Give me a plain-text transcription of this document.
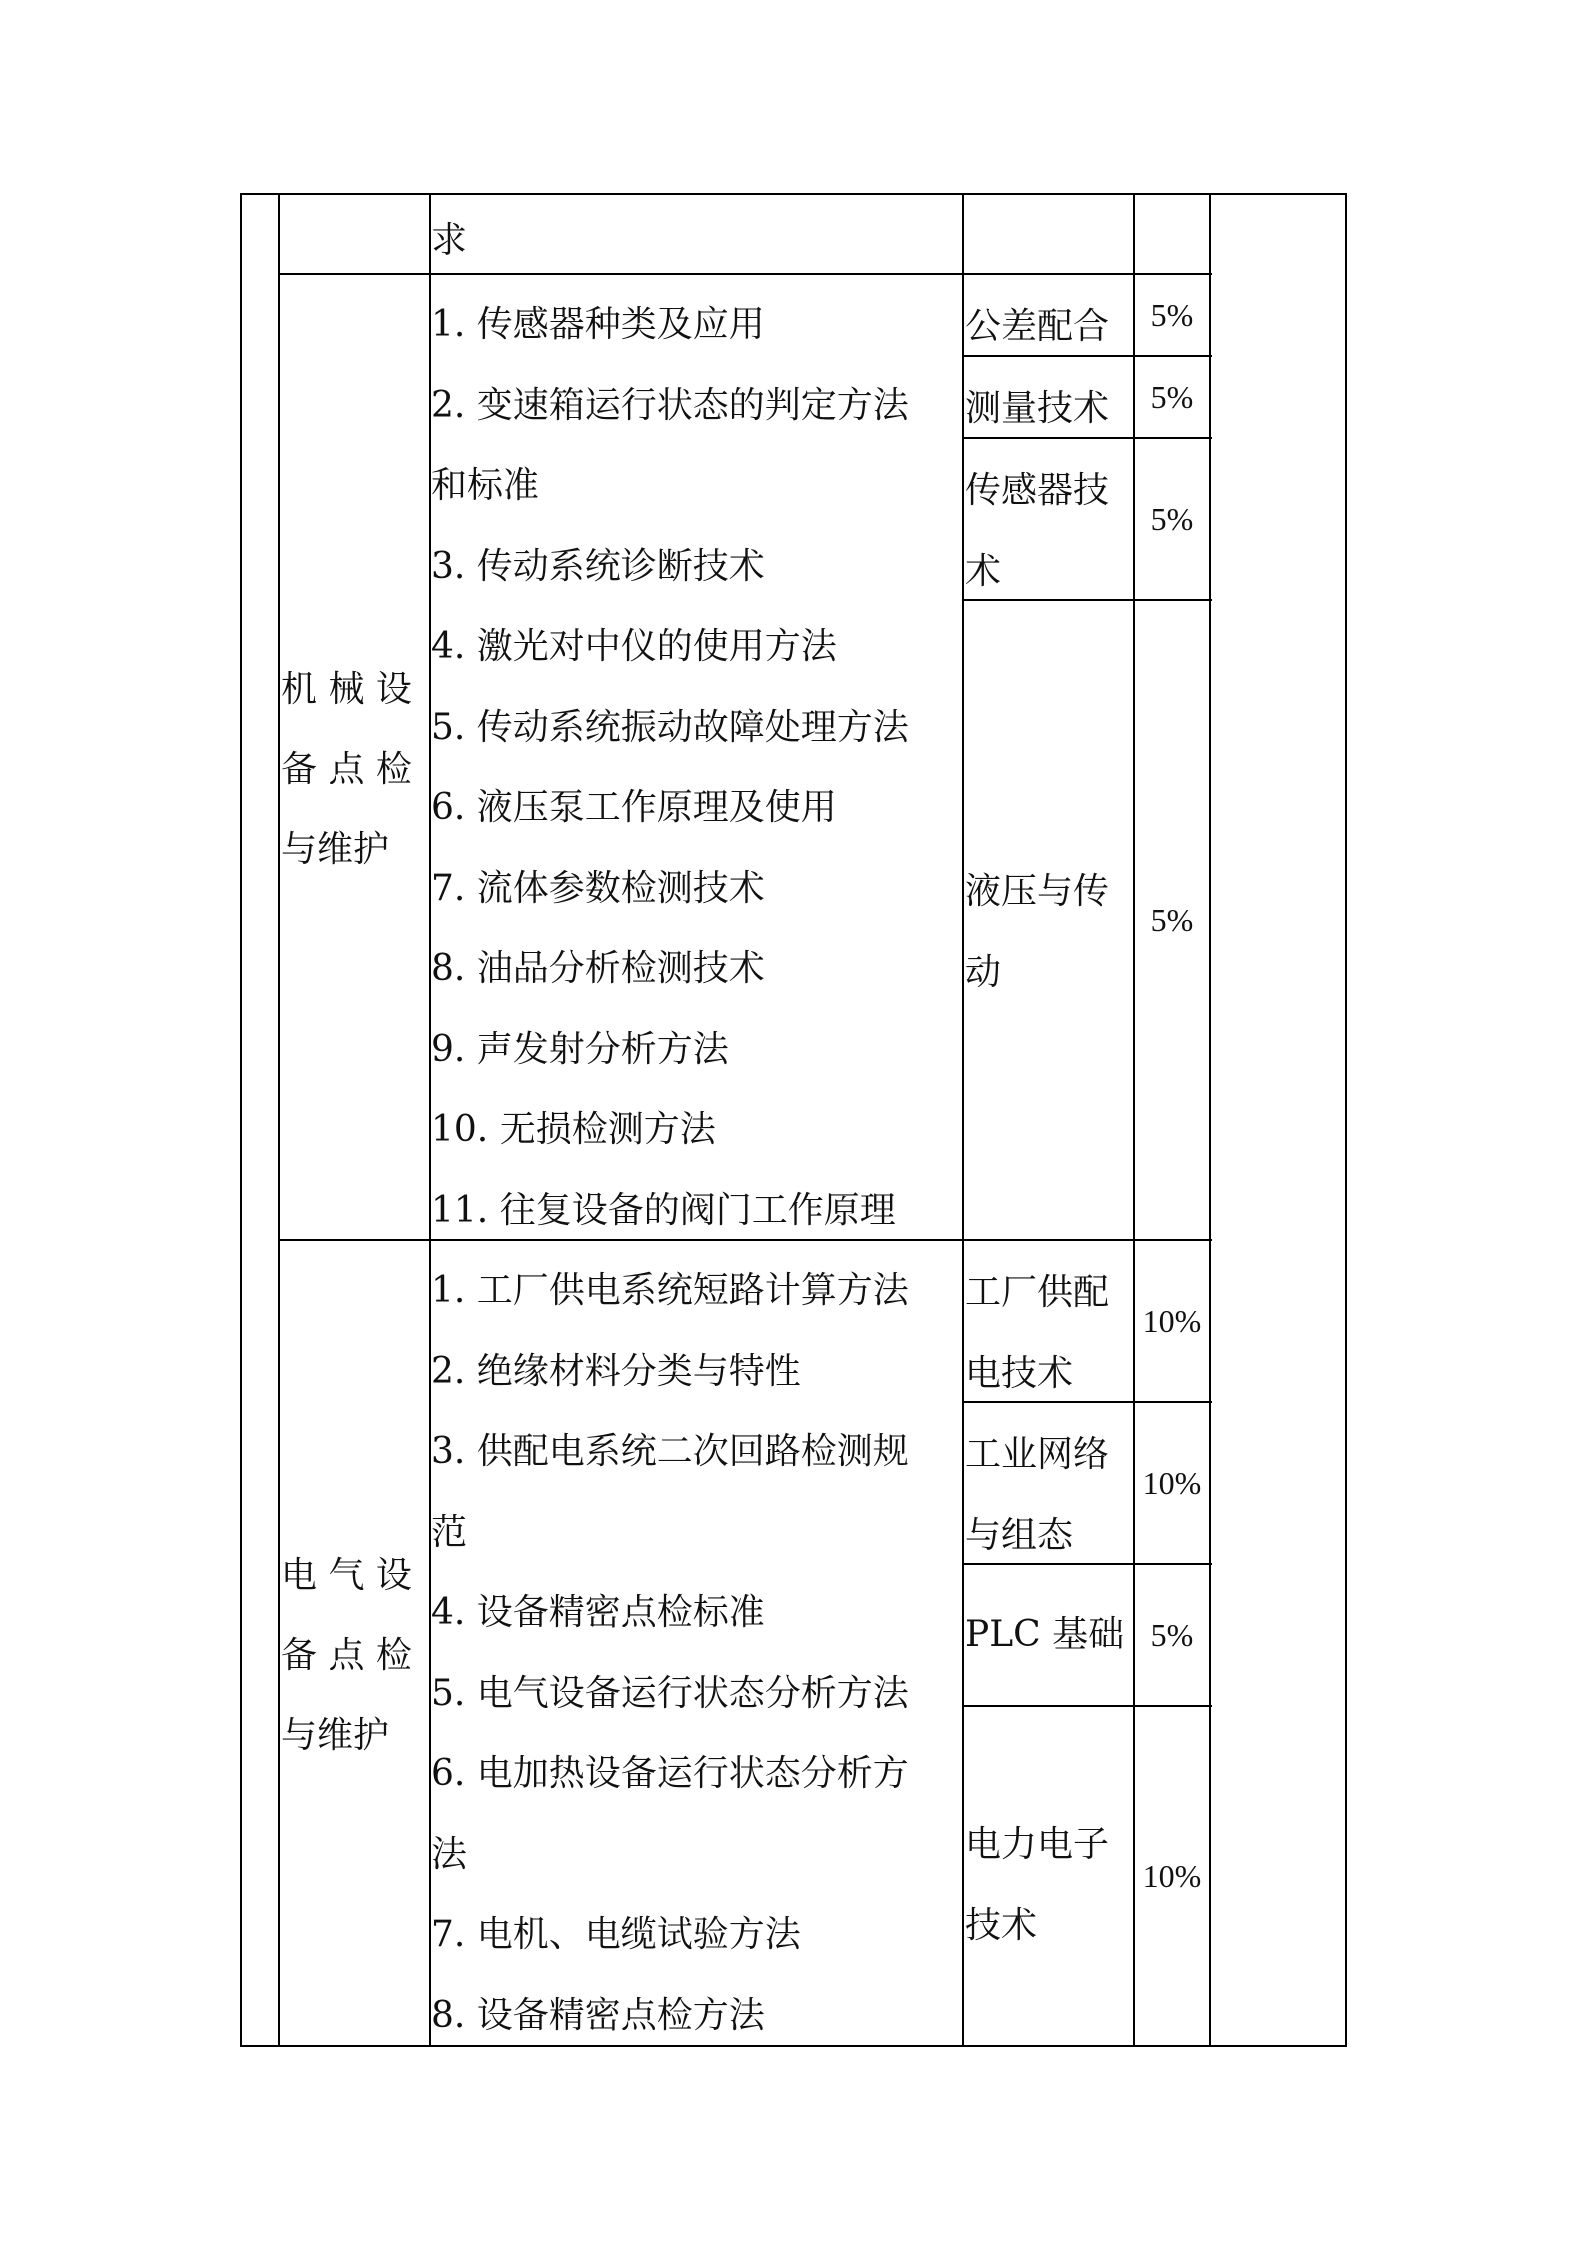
求
机 械 设
备 点 检
与维护
1. 传感器种类及应用
2. 变速箱运行状态的判定方法
和标准
3. 传动系统诊断技术
4. 激光对中仪的使用方法
5. 传动系统振动故障处理方法
6. 液压泵工作原理及使用
7. 流体参数检测技术
8. 油品分析检测技术
9. 声发射分析方法
10. 无损检测方法
11. 往复设备的阀门工作原理
公差配合	5%
测量技术	5%
传感器技
术
5%
液压与传
动
5%
电 气 设
备 点 检
与维护
1. 工厂供电系统短路计算方法
2. 绝缘材料分类与特性
3. 供配电系统二次回路检测规
范
4. 设备精密点检标准
5. 电气设备运行状态分析方法
6. 电加热设备运行状态分析方
法
7. 电机、电缆试验方法
8. 设备精密点检方法
工厂供配
电技术
10%
工业网络
与组态
10%
PLC 基础 5%
电力电子
技术
10%
